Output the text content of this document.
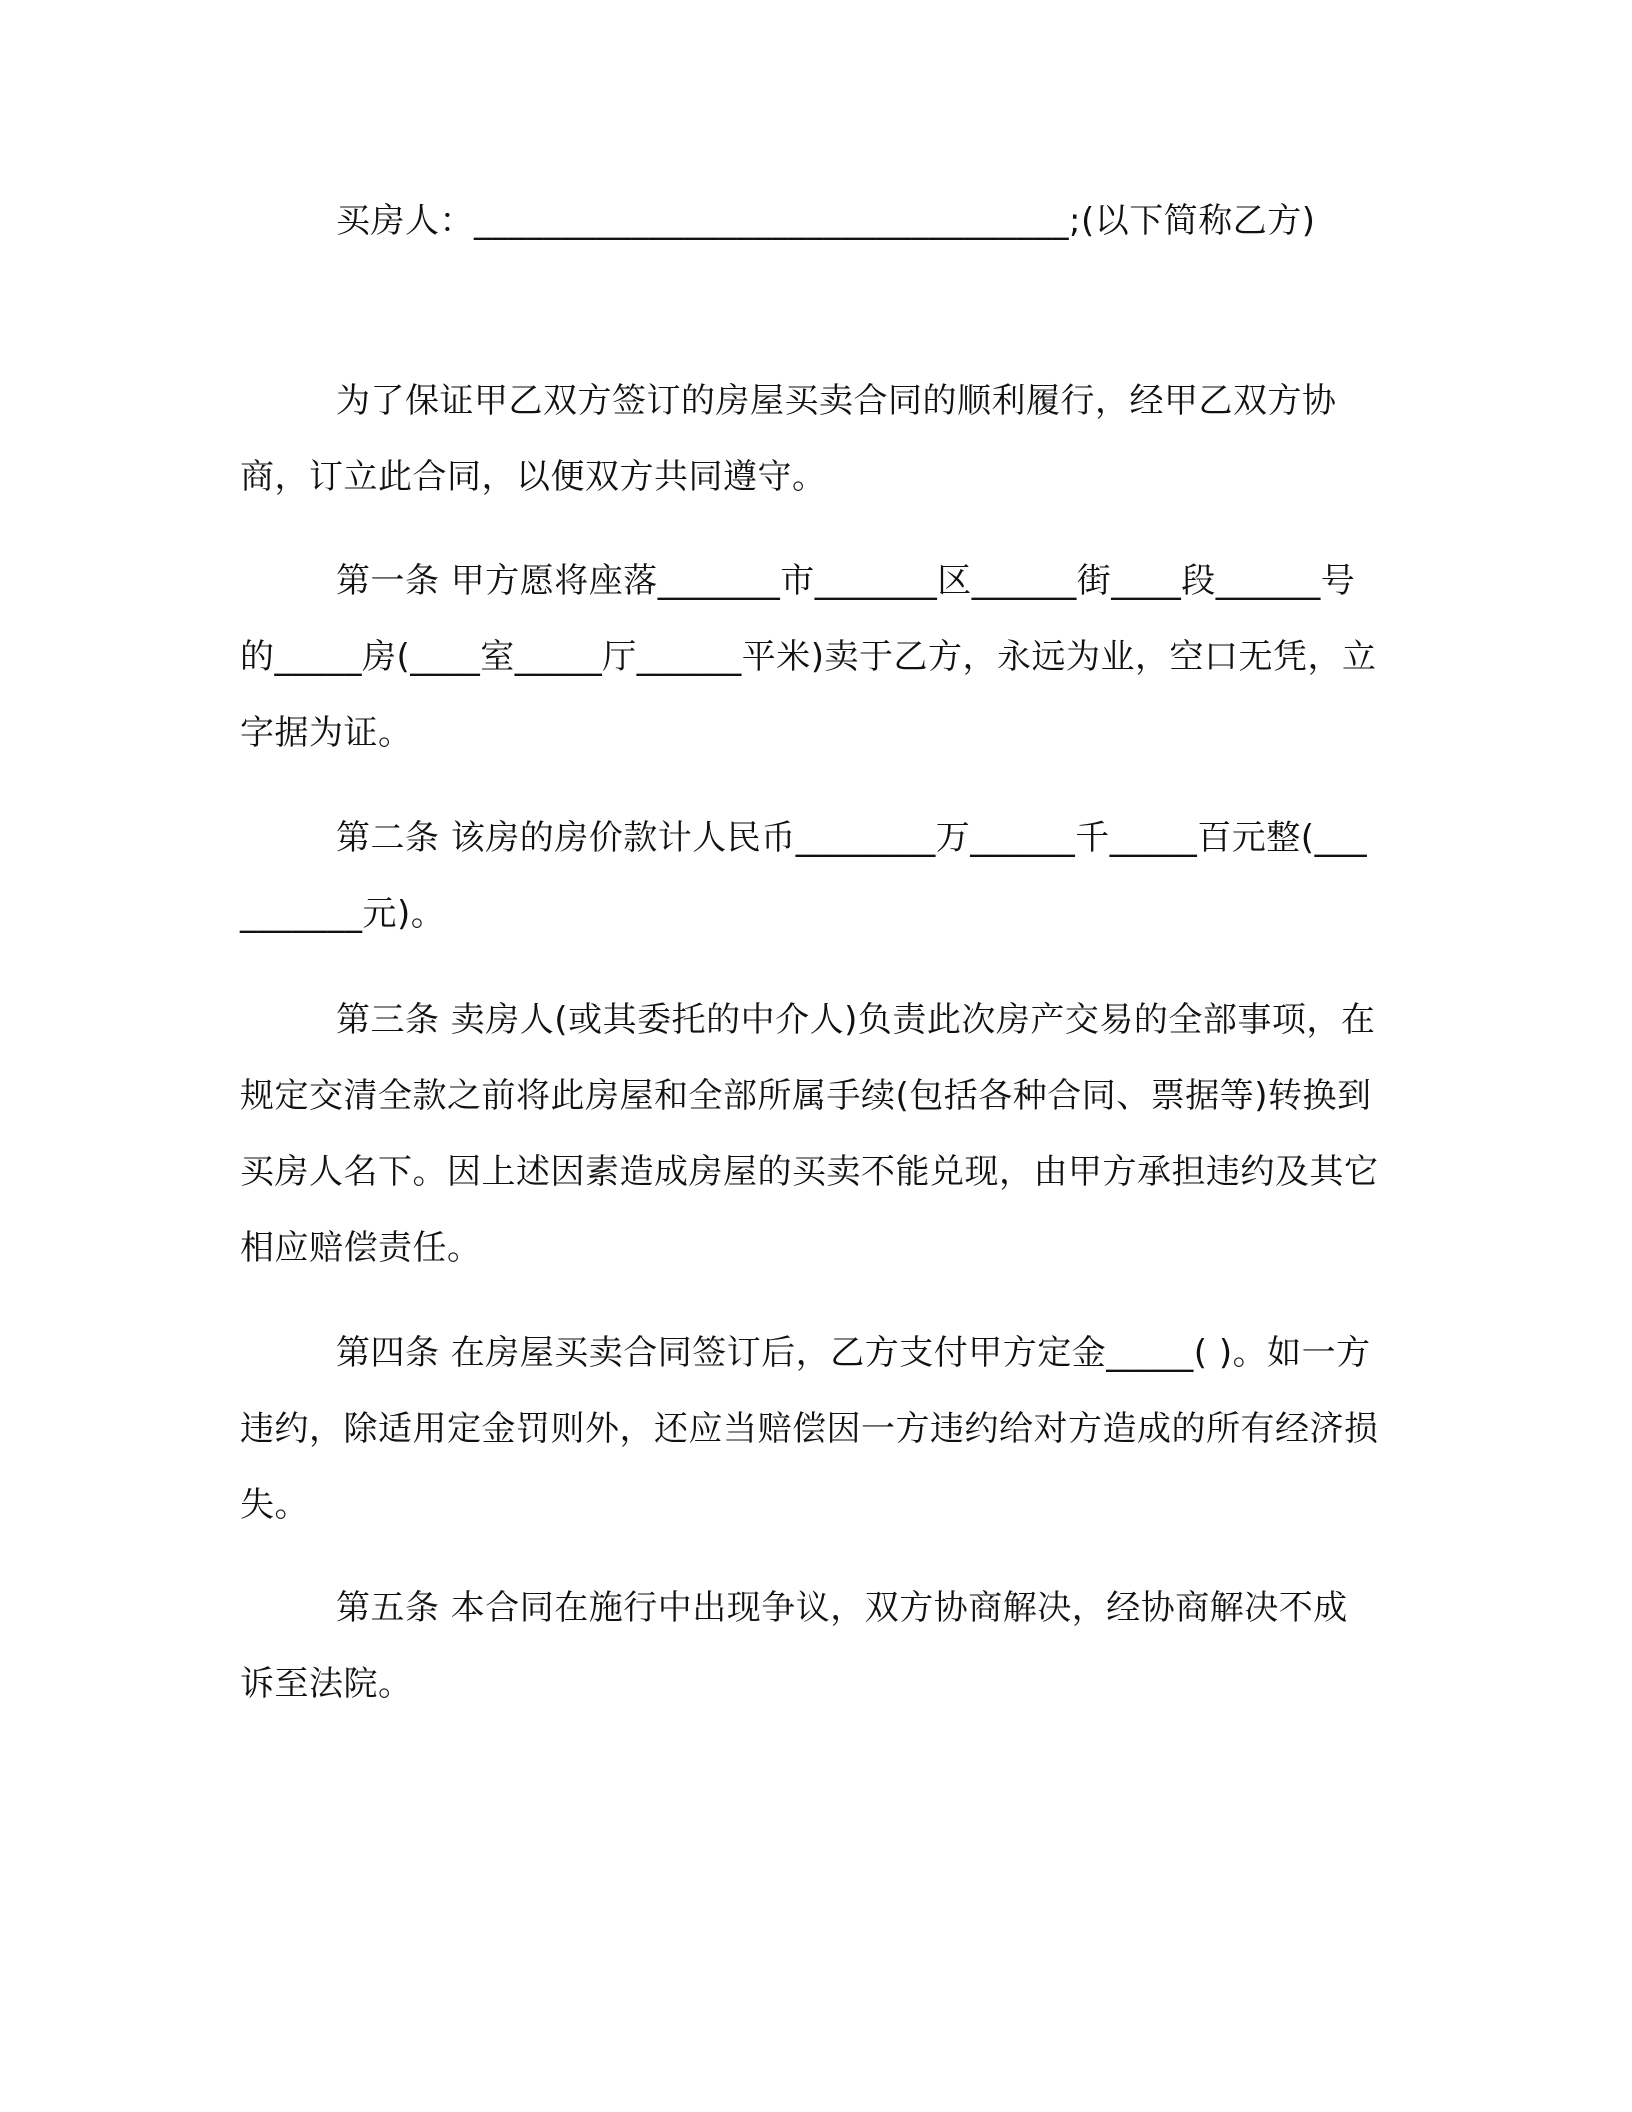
买房人：__________________________________;(以下简称乙方)

为了保证甲乙双方签订的房屋买卖合同的顺利履行，经甲乙双方协商，订立此合同，以便双方共同遵守。

第一条 甲方愿将座落_______市_______区______街____段______号的_____房(____室_____厅______平米)卖于乙方，永远为业，空口无凭，立字据为证。

第二条 该房的房价款计人民币________万______千_____百元整(__________元)。

第三条 卖房人(或其委托的中介人)负责此次房产交易的全部事项，在规定交清全款之前将此房屋和全部所属手续(包括各种合同、票据等)转换到买房人名下。因上述因素造成房屋的买卖不能兑现，由甲方承担违约及其它相应赔偿责任。

第四条 在房屋买卖合同签订后，乙方支付甲方定金_____( )。如一方违约，除适用定金罚则外，还应当赔偿因一方违约给对方造成的所有经济损失。

第五条 本合同在施行中出现争议，双方协商解决，经协商解决不成诉至法院。
